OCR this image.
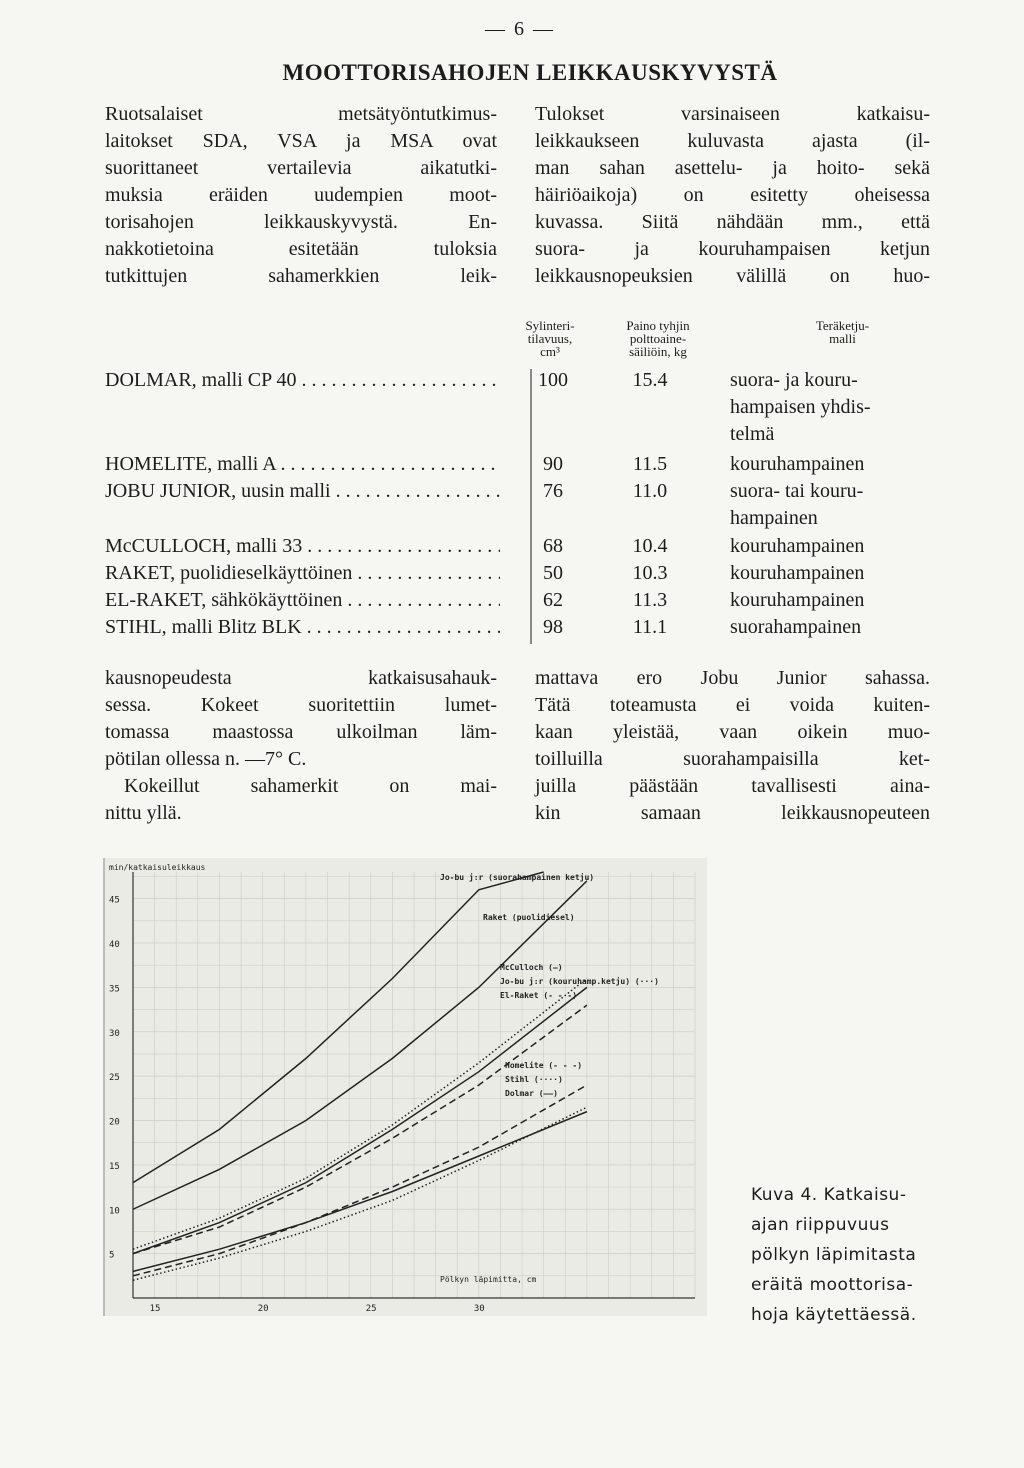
— 6 —
MOOTTORISAHOJEN LEIKKAUSKYVYSTÄ

Ruotsalaiset metsätyöntutkimus-

laitokset SDA, VSA ja MSA ovat

suorittaneet vertailevia aikatutki-

muksia eräiden uudempien moot-

torisahojen leikkauskyvystä. En-

nakkotietoina esitetään tuloksia

tutkittujen sahamerkkien leik-

Tulokset varsinaiseen katkaisu-

leikkaukseen kuluvasta ajasta (il-

man sahan asettelu- ja hoito- sekä

häiriöaikoja) on esitetty oheisessa

kuvassa. Siitä nähdään mm., että

suora- ja kouruhampaisen ketjun

leikkausnopeuksien välillä on huo-

Sylinteri-
tilavuus,
cm³
Paino tyhjin
polttoaine-
säiliöin, kg
Teräketju-
malli
DOLMAR, malli CP 40 . . .	100	15.4	suora- ja kouru-
hampaisen yhdis-
telmä
HOMELITE, malli A . . .	90	11.5	kouruhampainen
JOBU JUNIOR, uusin malli . . .	76	11.0	suora- tai kouru-
hampainen
McCULLOCH, malli 33 . . .	68	10.4	kouruhampainen
RAKET, puolidieselkäyttöinen . . .	50	10.3	kouruhampainen
EL-RAKET, sähkökäyttöinen . . .	62	11.3	kouruhampainen
STIHL, malli Blitz BLK . . .	98	11.1	suorahampainen

kausnopeudesta katkaisusahauk-

sessa. Kokeet suoritettiin lumet-

tomassa maastossa ulkoilman läm-

pötilan ollessa n. —7° C.

Kokeillut sahamerkit on mai-

nittu yllä.

mattava ero Jobu Junior sahassa.

Tätä toteamusta ei voida kuiten-

kaan yleistää, vaan oikein muo-

toilluilla suorahampaisilla ket-

juilla päästään tavallisesti aina-

kin samaan leikkausnopeuteen

5
10
15
20
25
30
35
40
45
15	20	25	30
min/katkaisuleikkaus
Pölkyn läpimitta, cm
Jo-bu j:r (suorahampainen ketju)
Raket (puolidiesel)
McCulloch (—)
Jo-bu j:r (kouruhamp.ketju) (···)
El-Raket (- - -)
Homelite (- - -)
Stihl (····)
Dolmar (——)
Kuva 4. Katkaisu-
ajan riippuvuus
pölkyn läpimitasta
eräitä moottorisa-
hoja käytettäessä.
